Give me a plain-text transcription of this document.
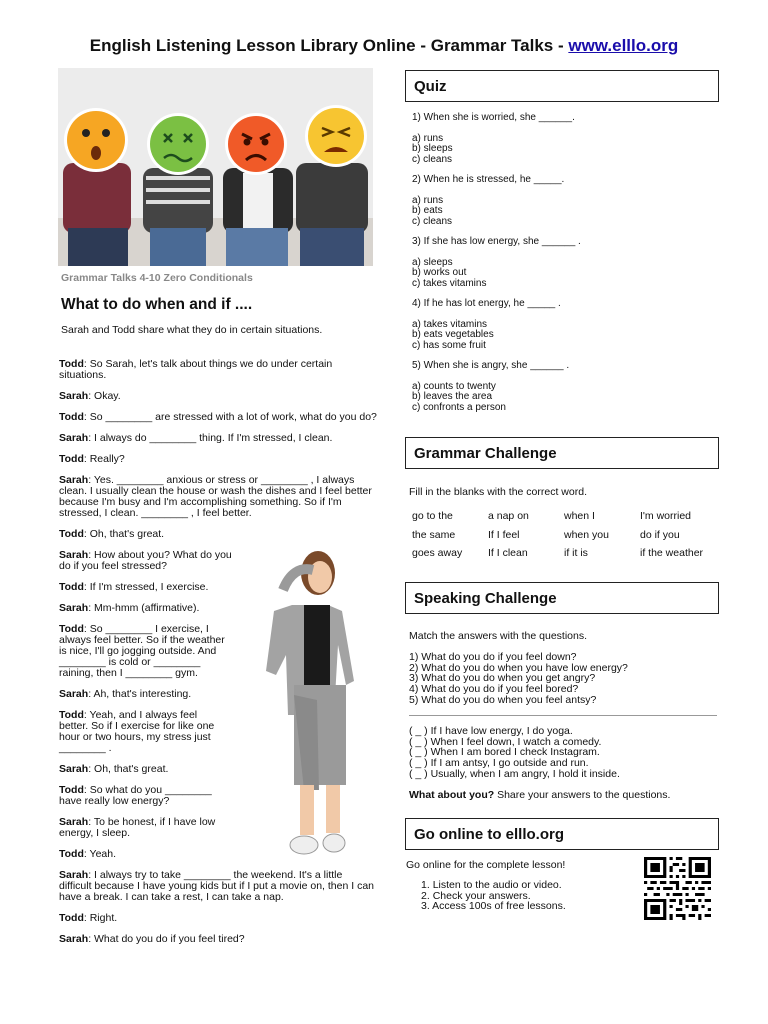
English Listening Lesson Library Online - Grammar Talks - www.elllo.org
Grammar Talks 4-10 Zero Conditionals
What to do when and if ....
Sarah and Todd share what they do in certain situations.
Todd: So Sarah, let's talk about things we do under certain situations.
Sarah: Okay.
Todd: So ________ are stressed with a lot of work, what do you do?
Sarah: I always do ________ thing. If I'm stressed, I clean.
Todd: Really?
Sarah: Yes. ________ anxious or stress or ________ , I always clean. I usually clean the house or wash the dishes and I feel better because I'm busy and I'm accomplishing something. So if I'm stressed, I clean. ________ , I feel better.
Todd: Oh, that's great.
Sarah: How about you? What do you do if you feel stressed?
Todd: If I'm stressed, I exercise.
Sarah: Mm-hmm (affirmative).
Todd: So ________ I exercise, I always feel better. So if the weather is nice, I'll go jogging outside. And ________ is cold or ________ raining, then I ________ gym.
Sarah: Ah, that's interesting.
Todd: Yeah, and I always feel better. So if I exercise for like one hour or two hours, my stress just ________ .
Sarah: Oh, that's great.
Todd: So what do you ________ have really low energy?
Sarah: To be honest, if I have low energy, I sleep.
Todd: Yeah.
Sarah: I always try to take ________ the weekend. It's a little difficult because I have young kids but if I put a movie on, then I can have a break. I can take a rest, I can take a nap.
Todd: Right.
Sarah: What do you do if you feel tired?
Quiz
1) When she is worried, she ______.
a) runs
b) sleeps
c) cleans
2) When he is stressed, he _____.
a) runs
b) eats
c) cleans
3) If she has low energy, she ______ .
a) sleeps
b) works out
c) takes vitamins
4) If he has lot energy, he _____ .
a) takes vitamins
b) eats vegetables
c) has some fruit
5) When she is angry, she ______ .
a) counts to twenty
b) leaves the area
c) confronts a person
Grammar Challenge
Fill in the blanks with the correct word.
go to the	a nap on	when I	I'm worried
the same	If I feel	when you	do if you
goes away	If I clean	if it is	if the weather
Speaking Challenge
Match the answers with the questions.
1) What do you do if you feel down?
2) What do you do when you have low energy?
3) What do you do when you get angry?
4) What do you do if you feel bored?
5) What do you do when you feel antsy?
( _ ) If I have low energy, I do yoga.
( _ ) When I feel down, I watch a comedy.
( _ ) When I am bored I check Instagram.
( _ ) If I am antsy, I go outside and run.
( _ ) Usually, when I am angry, I hold it inside.
What about you? Share your answers to the questions.
Go online to elllo.org
Go online for the complete lesson!
1. Listen to the audio or video.
2. Check your answers.
3. Access 100s of free lessons.
